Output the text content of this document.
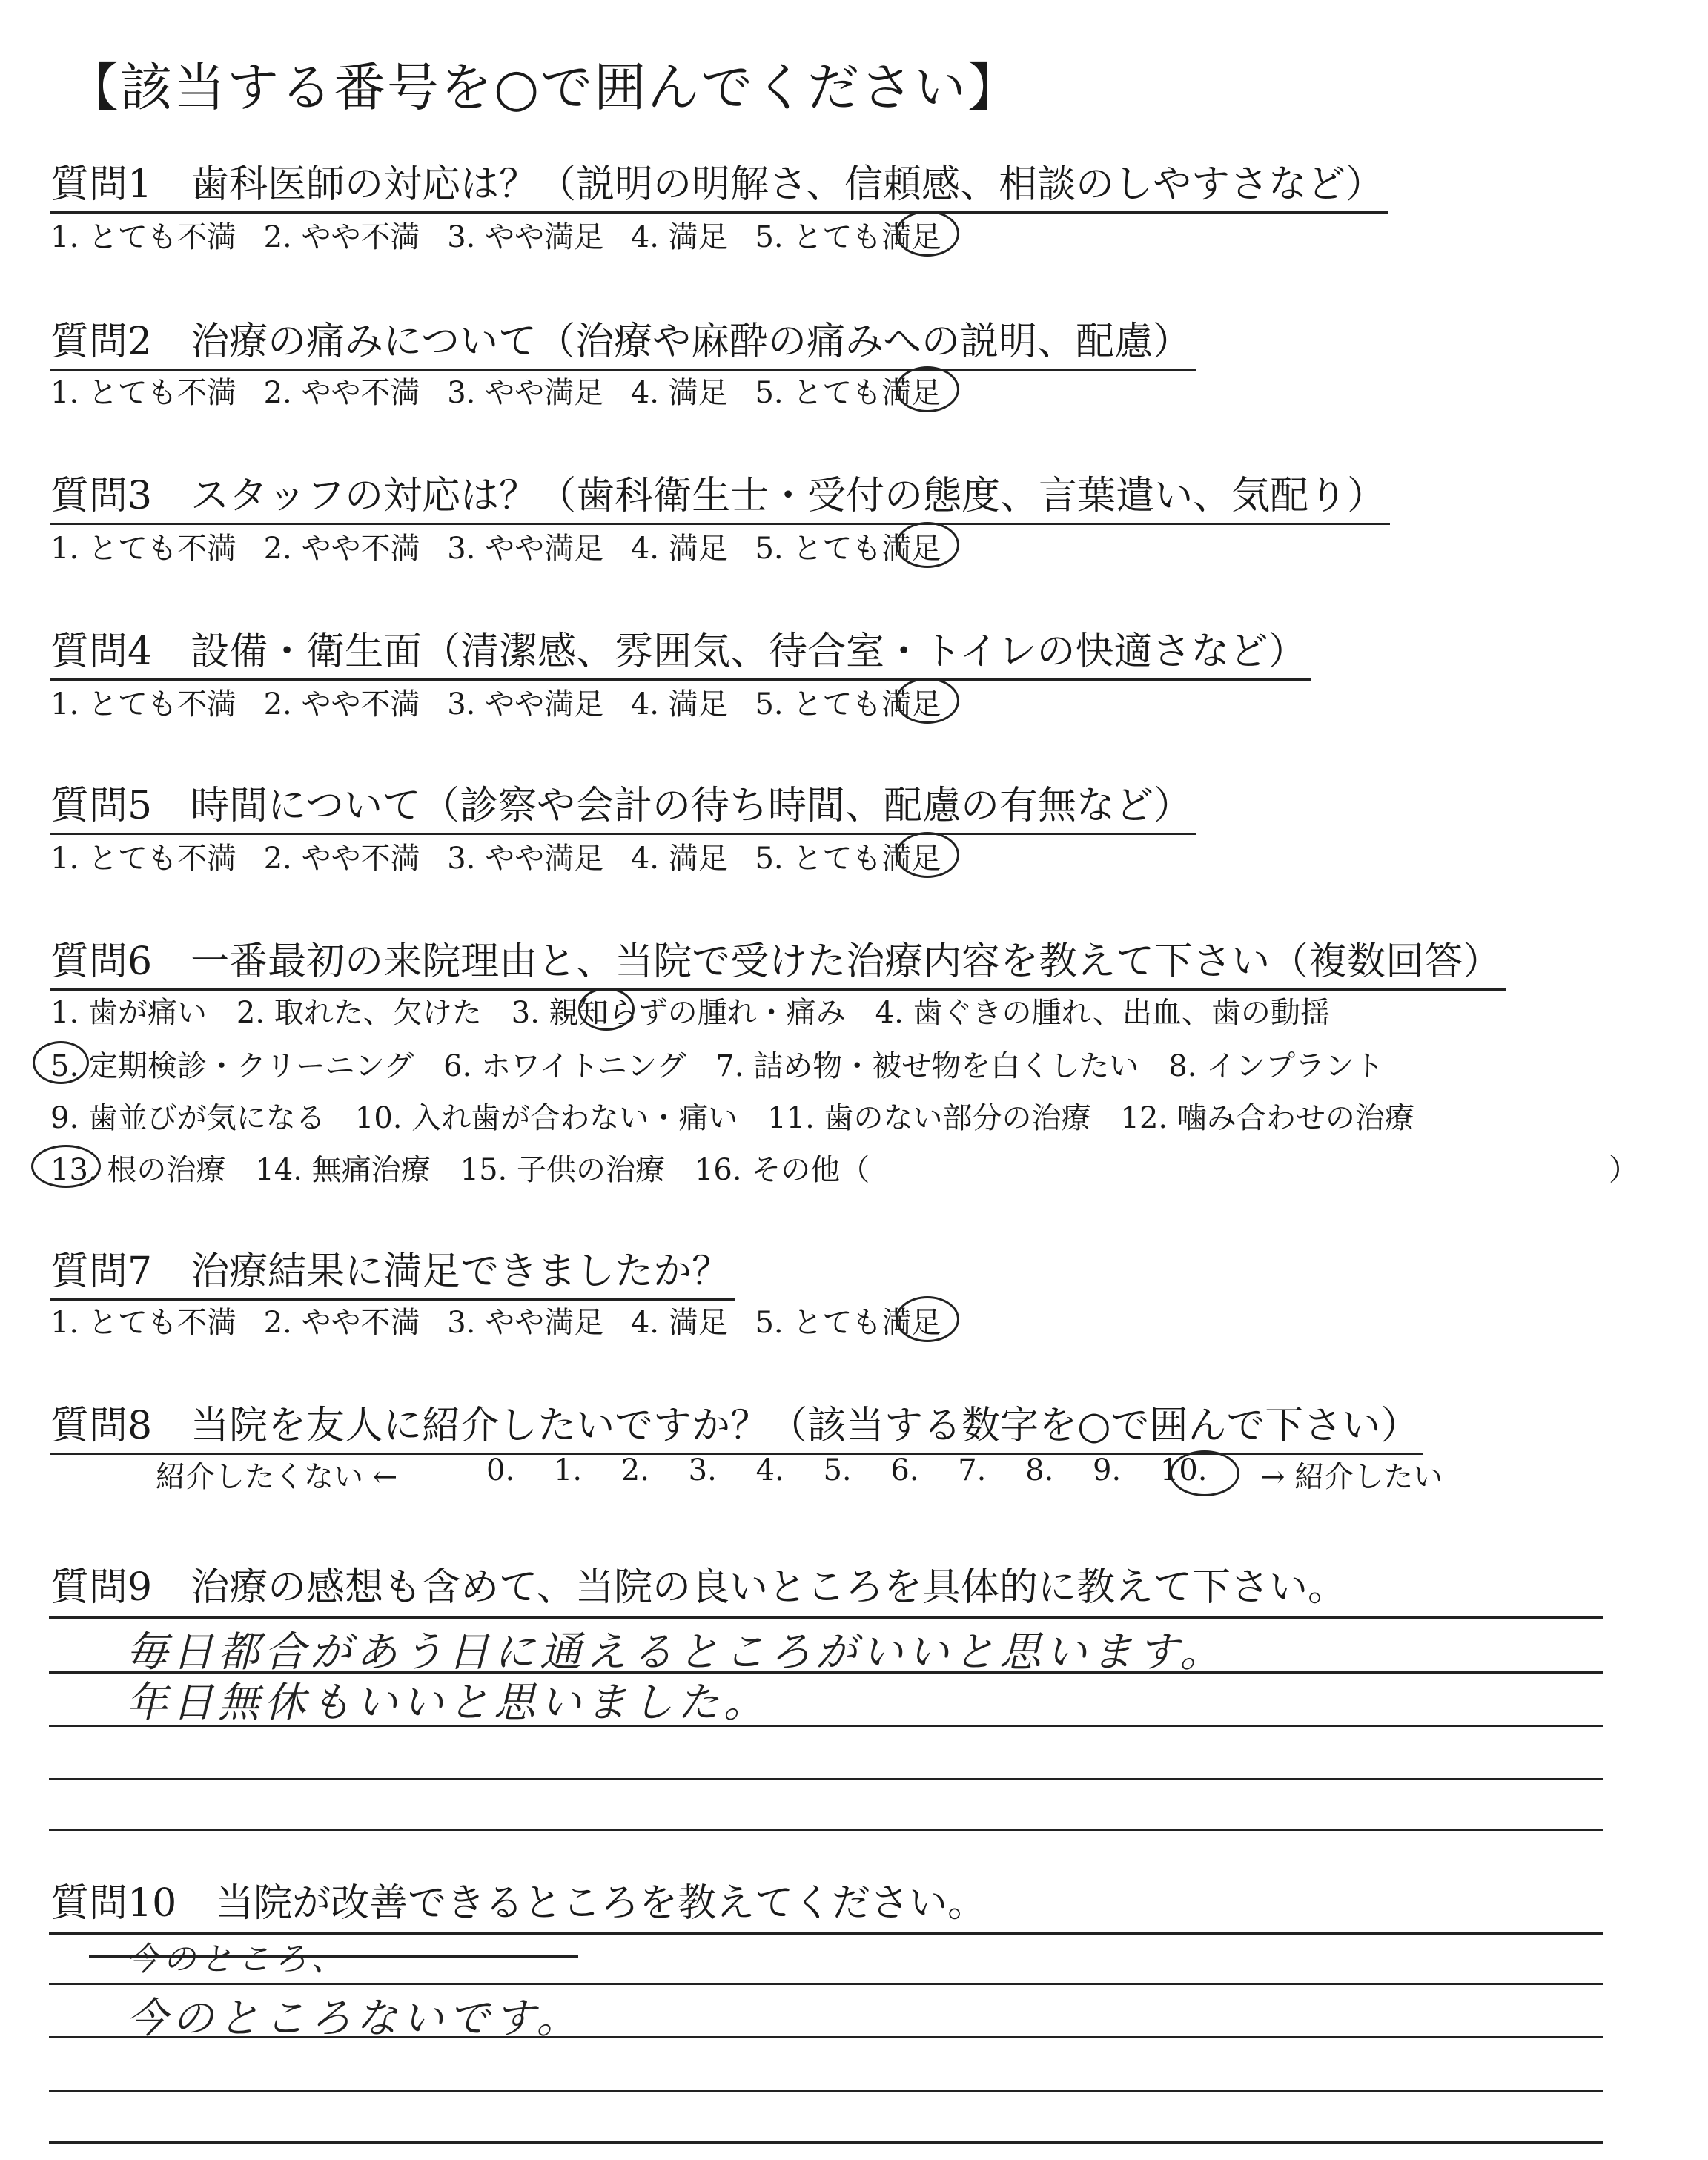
【該当する番号を○で囲んでください】
質問1　歯科医師の対応は？（説明の明解さ、信頼感、相談のしやすさなど）
1. とても不満 2. やや不満 3. やや満足 4. 満足 5. とても満足
質問2　治療の痛みについて（治療や麻酔の痛みへの説明、配慮）
1. とても不満 2. やや不満 3. やや満足 4. 満足 5. とても満足
質問3　スタッフの対応は？（歯科衛生士・受付の態度、言葉遣い、気配り）
1. とても不満 2. やや不満 3. やや満足 4. 満足 5. とても満足
質問4　設備・衛生面（清潔感、雰囲気、待合室・トイレの快適さなど）
1. とても不満 2. やや不満 3. やや満足 4. 満足 5. とても満足
質問5　時間について（診察や会計の待ち時間、配慮の有無など）
1. とても不満 2. やや不満 3. やや満足 4. 満足 5. とても満足
質問6　一番最初の来院理由と、当院で受けた治療内容を教えて下さい（複数回答）
1. 歯が痛い　2. 取れた、欠けた　3. 親知らずの腫れ・痛み　4. 歯ぐきの腫れ、出血、歯の動揺
5. 定期検診・クリーニング　6. ホワイトニング　7. 詰め物・被せ物を白くしたい　8. インプラント
9. 歯並びが気になる　10. 入れ歯が合わない・痛い　11. 歯のない部分の治療　12. 噛み合わせの治療
13. 根の治療　14. 無痛治療　15. 子供の治療　16. その他（	）
質問7　治療結果に満足できましたか？
1. とても不満 2. やや不満 3. やや満足 4. 満足 5. とても満足
質問8　当院を友人に紹介したいですか？（該当する数字を○で囲んで下さい）
紹介したくない ←	0. 1. 2. 3. 4. 5. 6. 7. 8. 9. 10.	→ 紹介したい
質問9　治療の感想も含めて、当院の良いところを具体的に教えて下さい。
毎日都合があう日に通えるところがいいと思います。
年日無休もいいと思いました。
質問10　当院が改善できるところを教えてください。
今のところ、
今のところないです。
